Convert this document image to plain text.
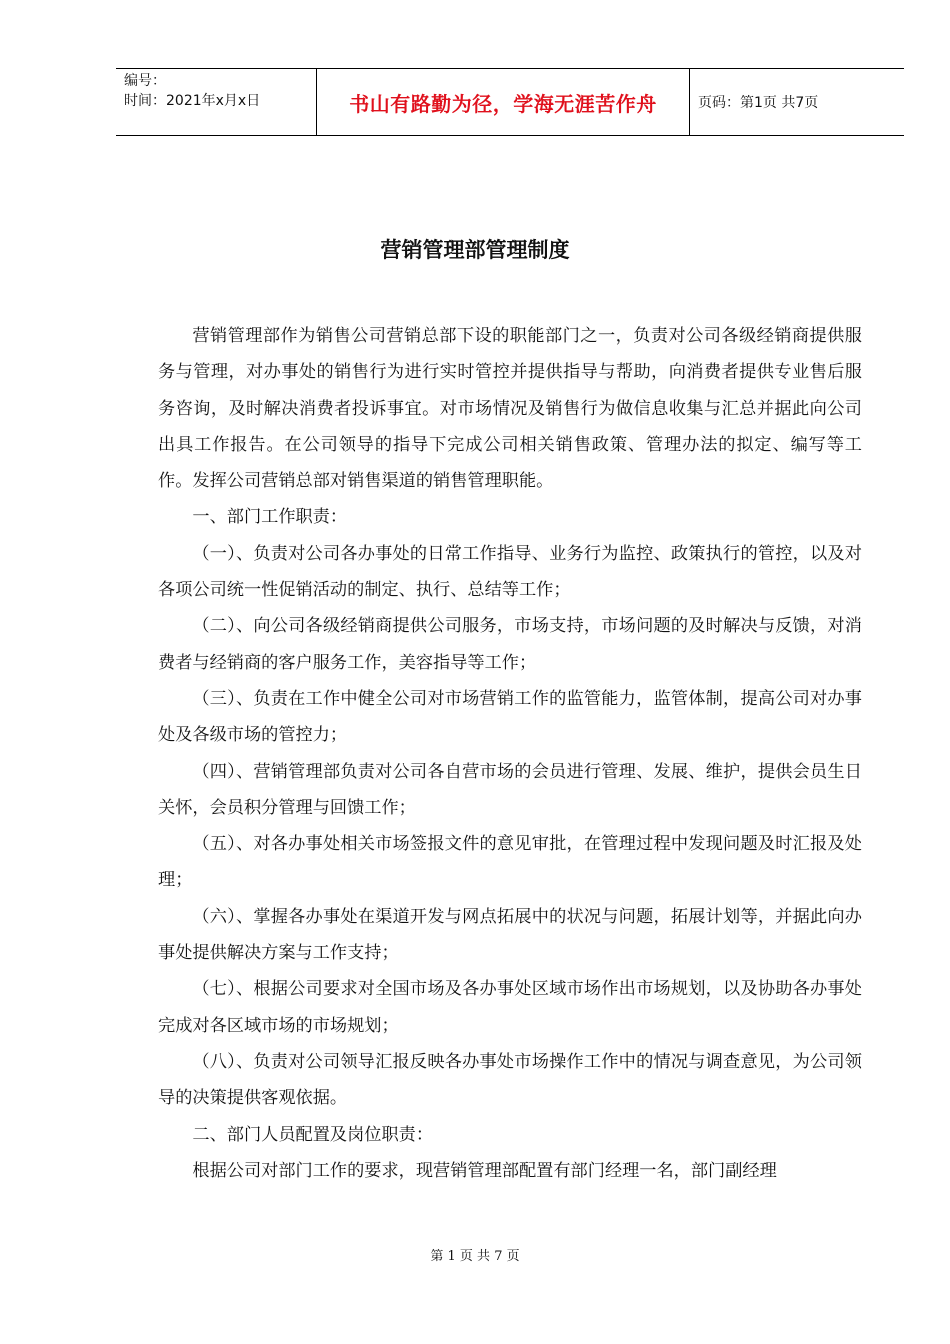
编号：
时间：2021年x月x日	书山有路勤为径，学海无涯苦作舟	页码：第1页 共7页
营销管理部管理制度

营销管理部作为销售公司营销总部下设的职能部门之一，负责对公司各级经销商提供服务与管理，对办事处的销售行为进行实时管控并提供指导与帮助，向消费者提供专业售后服务咨询，及时解决消费者投诉事宜。对市场情况及销售行为做信息收集与汇总并据此向公司出具工作报告。在公司领导的指导下完成公司相关销售政策、管理办法的拟定、编写等工作。发挥公司营销总部对销售渠道的销售管理职能。

一、部门工作职责：

（一）、负责对公司各办事处的日常工作指导、业务行为监控、政策执行的管控，以及对各项公司统一性促销活动的制定、执行、总结等工作；

（二）、向公司各级经销商提供公司服务，市场支持，市场问题的及时解决与反馈，对消费者与经销商的客户服务工作，美容指导等工作；

（三）、负责在工作中健全公司对市场营销工作的监管能力，监管体制，提高公司对办事处及各级市场的管控力；

（四）、营销管理部负责对公司各自营市场的会员进行管理、发展、维护，提供会员生日关怀，会员积分管理与回馈工作；

（五）、对各办事处相关市场签报文件的意见审批，在管理过程中发现问题及时汇报及处理；

（六）、掌握各办事处在渠道开发与网点拓展中的状况与问题，拓展计划等，并据此向办事处提供解决方案与工作支持；

（七）、根据公司要求对全国市场及各办事处区域市场作出市场规划，以及协助各办事处完成对各区域市场的市场规划；

（八）、负责对公司领导汇报反映各办事处市场操作工作中的情况与调查意见，为公司领导的决策提供客观依据。

二、部门人员配置及岗位职责：

根据公司对部门工作的要求，现营销管理部配置有部门经理一名，部门副经理

第 1 页 共 7 页
